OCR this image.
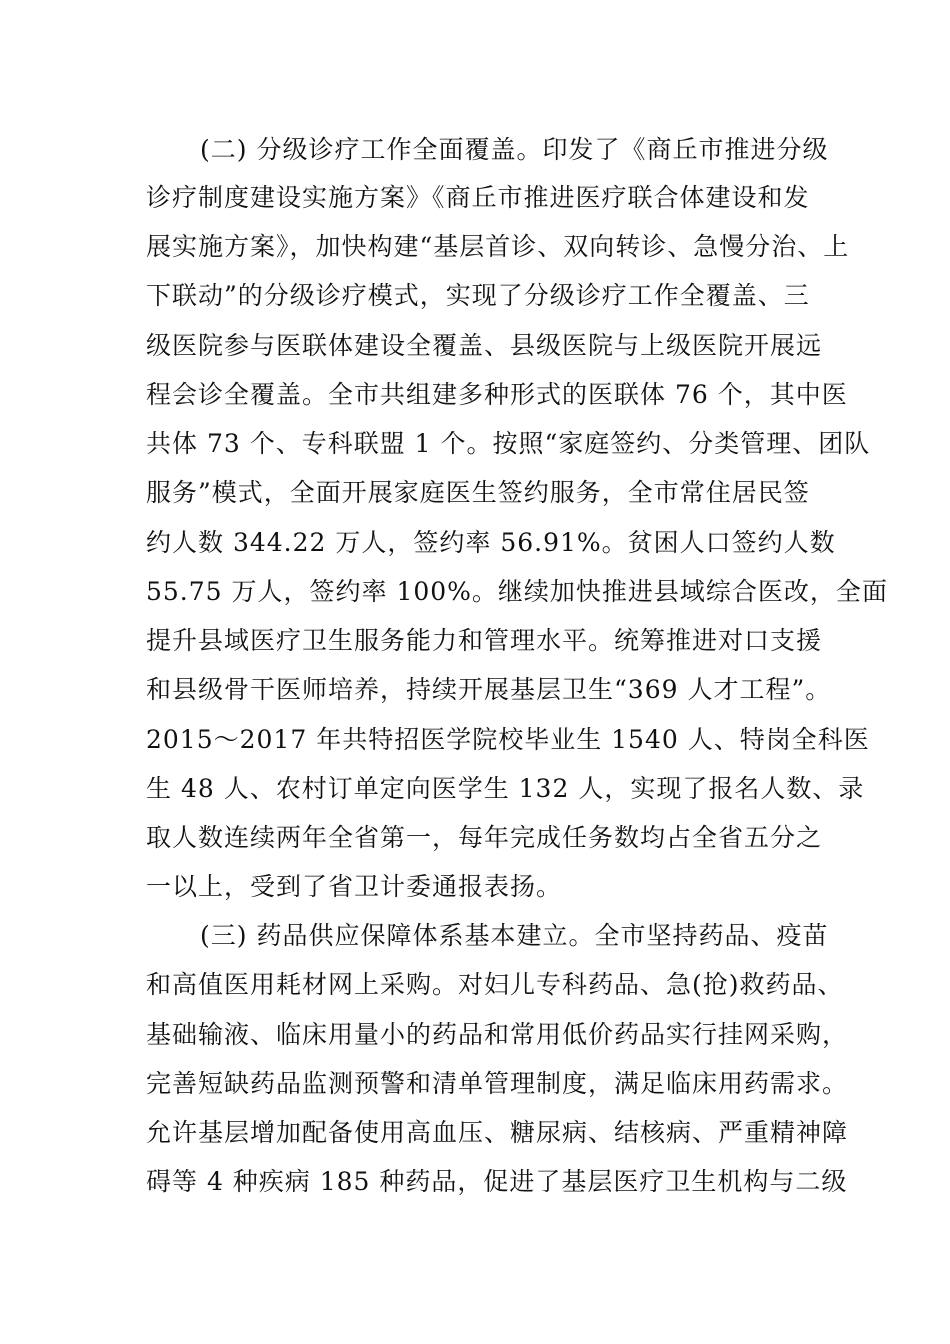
(二) 分级诊疗工作全面覆盖。印发了《商丘市推进分级
诊疗制度建设实施方案》《商丘市推进医疗联合体建设和发
展实施方案》，加快构建“基层首诊、双向转诊、急慢分治、上
下联动”的分级诊疗模式，实现了分级诊疗工作全覆盖、三
级医院参与医联体建设全覆盖、县级医院与上级医院开展远
程会诊全覆盖。全市共组建多种形式的医联体 76 个，其中医
共体 73 个、专科联盟 1 个。按照“家庭签约、分类管理、团队
服务”模式，全面开展家庭医生签约服务，全市常住居民签
约人数 344.22 万人，签约率 56.91%。贫困人口签约人数
55.75 万人，签约率 100%。继续加快推进县域综合医改，全面
提升县域医疗卫生服务能力和管理水平。统筹推进对口支援
和县级骨干医师培养，持续开展基层卫生“369 人才工程”。
2015～2017 年共特招医学院校毕业生 1540 人、特岗全科医
生 48 人、农村订单定向医学生 132 人，实现了报名人数、录
取人数连续两年全省第一，每年完成任务数均占全省五分之
一以上，受到了省卫计委通报表扬。
(三) 药品供应保障体系基本建立。全市坚持药品、疫苗
和高值医用耗材网上采购。对妇儿专科药品、急(抢)救药品、
基础输液、临床用量小的药品和常用低价药品实行挂网采购，
完善短缺药品监测预警和清单管理制度，满足临床用药需求。
允许基层增加配备使用高血压、糖尿病、结核病、严重精神障
碍等 4 种疾病 185 种药品，促进了基层医疗卫生机构与二级
